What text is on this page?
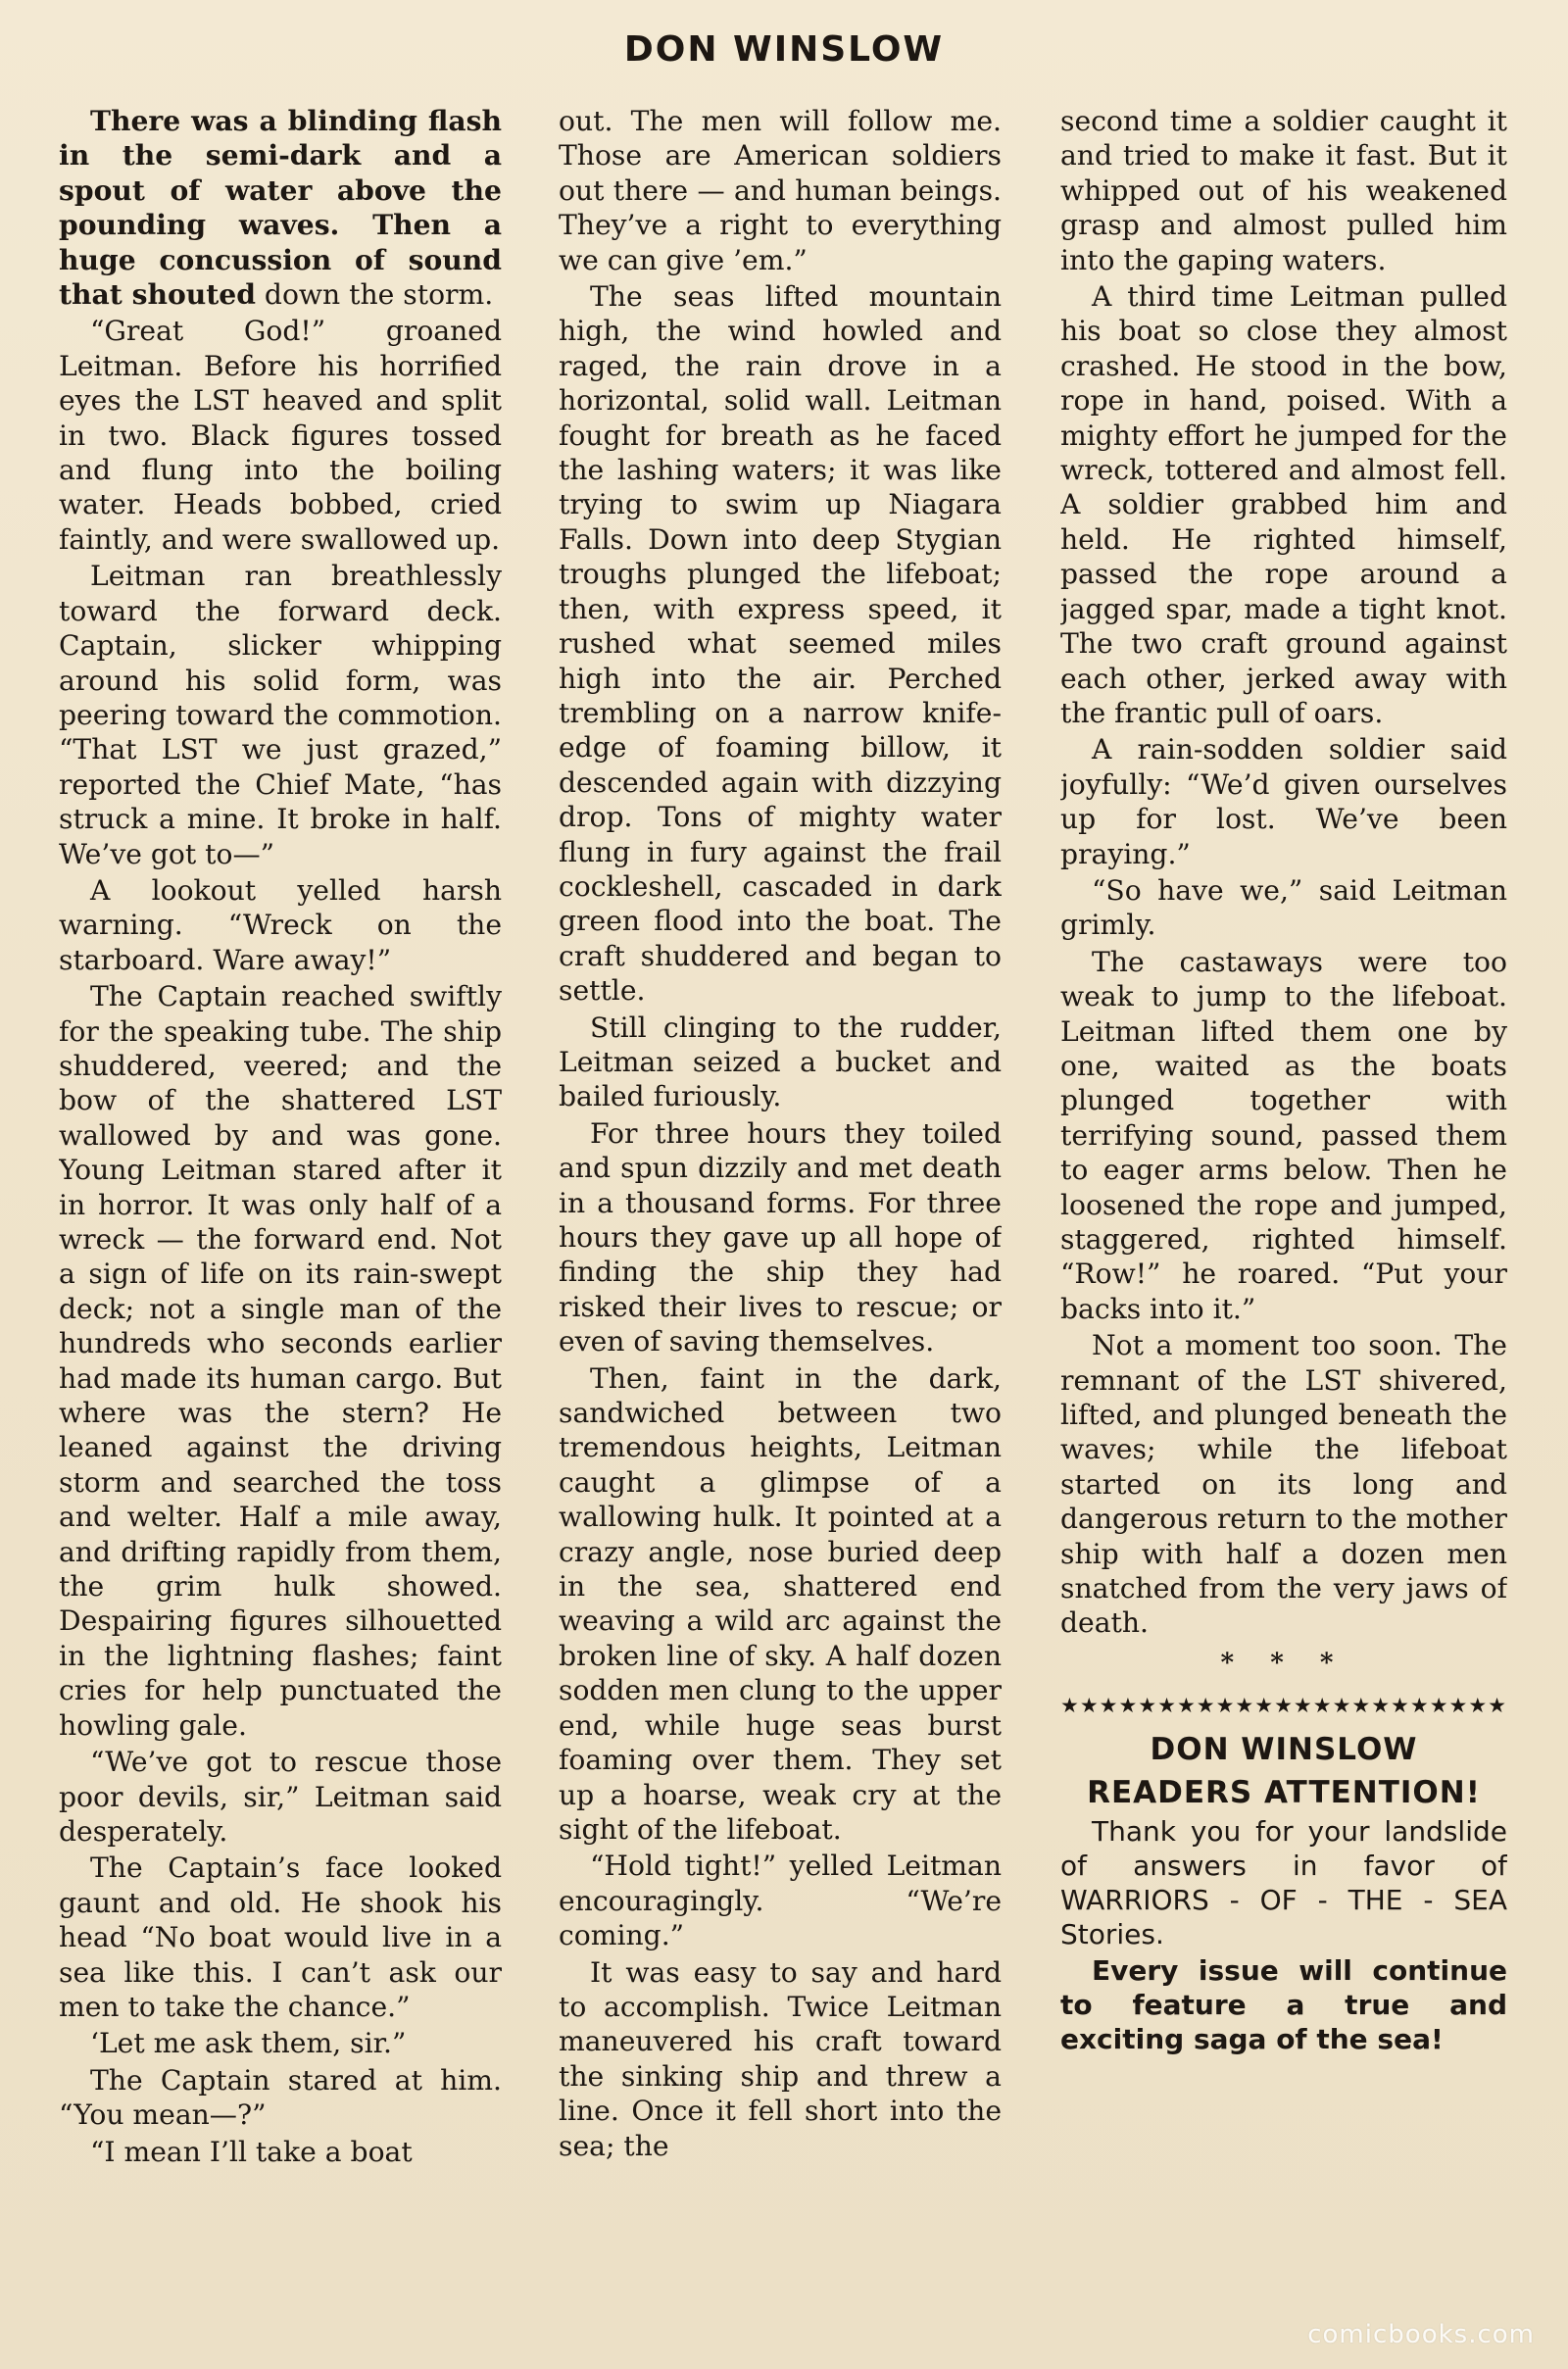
DON WINSLOW

There was a blinding flash in the semi-dark and a spout of water above the pounding waves. Then a huge concussion of sound that shouted down the storm.

“Great God!” groaned Leitman. Before his horrified eyes the LST heaved and split in two. Black figures tossed and flung into the boiling water. Heads bobbed, cried faintly, and were swallowed up.

Leitman ran breathlessly toward the forward deck. Captain, slicker whipping around his solid form, was peering toward the commotion. “That LST we just grazed,” reported the Chief Mate, “has struck a mine. It broke in half. We’ve got to—”

A lookout yelled harsh warning. “Wreck on the starboard. Ware away!”

The Captain reached swiftly for the speaking tube. The ship shuddered, veered; and the bow of the shattered LST wallowed by and was gone. Young Leitman stared after it in horror. It was only half of a wreck — the forward end. Not a sign of life on its rain-swept deck; not a single man of the hundreds who seconds earlier had made its human cargo. But where was the stern? He leaned against the driving storm and searched the toss and welter. Half a mile away, and drifting rapidly from them, the grim hulk showed. Despairing figures silhouetted in the lightning flashes; faint cries for help punctuated the howling gale.

“We’ve got to rescue those poor devils, sir,” Leitman said desperately.

The Captain’s face looked gaunt and old. He shook his head “No boat would live in a sea like this. I can’t ask our men to take the chance.”

‘Let me ask them, sir.”

The Captain stared at him. “You mean—?”

“I mean I’ll take a boat

out. The men will follow me. Those are American soldiers out there — and human beings. They’ve a right to everything we can give ’em.”

The seas lifted mountain high, the wind howled and raged, the rain drove in a horizontal, solid wall. Leitman fought for breath as he faced the lashing waters; it was like trying to swim up Niagara Falls. Down into deep Stygian troughs plunged the lifeboat; then, with express speed, it rushed what seemed miles high into the air. Perched trembling on a narrow knife-edge of foaming billow, it descended again with dizzying drop. Tons of mighty water flung in fury against the frail cockleshell, cascaded in dark green flood into the boat. The craft shuddered and began to settle.

Still clinging to the rudder, Leitman seized a bucket and bailed furiously.

For three hours they toiled and spun dizzily and met death in a thousand forms. For three hours they gave up all hope of finding the ship they had risked their lives to rescue; or even of saving themselves.

Then, faint in the dark, sandwiched between two tremendous heights, Leitman caught a glimpse of a wallowing hulk. It pointed at a crazy angle, nose buried deep in the sea, shattered end weaving a wild arc against the broken line of sky. A half dozen sodden men clung to the upper end, while huge seas burst foaming over them. They set up a hoarse, weak cry at the sight of the lifeboat.

“Hold tight!” yelled Leitman encouragingly. “We’re coming.”

It was easy to say and hard to accomplish. Twice Leitman maneuvered his craft toward the sinking ship and threw a line. Once it fell short into the sea; the

second time a soldier caught it and tried to make it fast. But it whipped out of his weakened grasp and almost pulled him into the gaping waters.

A third time Leitman pulled his boat so close they almost crashed. He stood in the bow, rope in hand, poised. With a mighty effort he jumped for the wreck, tottered and almost fell. A soldier grabbed him and held. He righted himself, passed the rope around a jagged spar, made a tight knot. The two craft ground against each other, jerked away with the frantic pull of oars.

A rain-sodden soldier said joyfully: “We’d given ourselves up for lost. We’ve been praying.”

“So have we,” said Leitman grimly.

The castaways were too weak to jump to the lifeboat. Leitman lifted them one by one, waited as the boats plunged together with terrifying sound, passed them to eager arms below. Then he loosened the rope and jumped, staggered, righted himself. “Row!” he roared. “Put your backs into it.”

Not a moment too soon. The remnant of the LST shivered, lifted, and plunged beneath the waves; while the lifeboat started on its long and dangerous return to the mother ship with half a dozen men snatched from the very jaws of death.

* * *
★★★★★★★★★★★★★★★★★★★★★★★
DON WINSLOW
READERS ATTENTION!

Thank you for your landslide of answers in favor of WARRIORS - OF - THE - SEA Stories.

Every issue will continue to feature a true and exciting saga of the sea!

comicbooks.com
